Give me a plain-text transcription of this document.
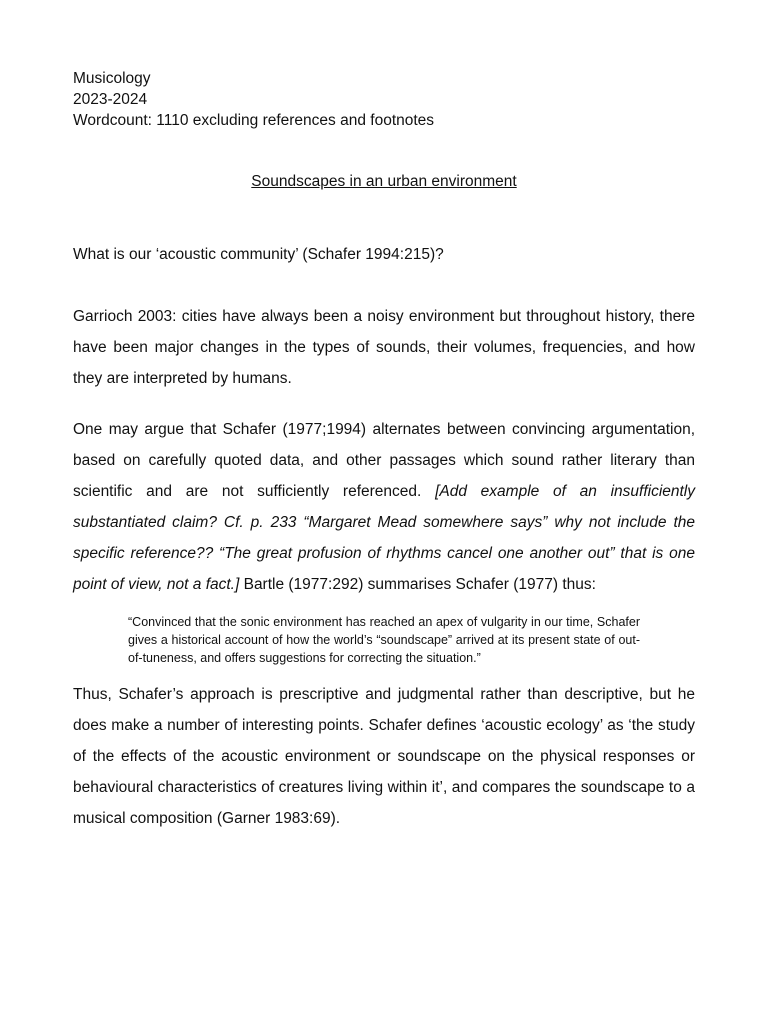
Musicology

2023-2024

Wordcount: 1110 excluding references and footnotes

Soundscapes in an urban environment

What is our ‘acoustic community’ (Schafer 1994:215)?

Garrioch 2003: cities have always been a noisy environment but throughout history, there have been major changes in the types of sounds, their volumes, frequencies, and how they are interpreted by humans.

One may argue that Schafer (1977;1994) alternates between convincing argumentation, based on carefully quoted data, and other passages which sound rather literary than scientific and are not sufficiently referenced. [Add example of an insufficiently substantiated claim? Cf. p. 233 “Margaret Mead somewhere says” why not include the specific reference?? “The great profusion of rhythms cancel one another out” that is one point of view, not a fact.] Bartle (1977:292) summarises Schafer (1977) thus:

“Convinced that the sonic environment has reached an apex of vulgarity in our time, Schafer gives a historical account of how the world’s “soundscape” arrived at its present state of out-of-tuneness, and offers suggestions for correcting the situation.”

Thus, Schafer’s approach is prescriptive and judgmental rather than descriptive, but he does make a number of interesting points. Schafer defines ‘acoustic ecology’ as ‘the study of the effects of the acoustic environment or soundscape on the physical responses or behavioural characteristics of creatures living within it’, and compares the soundscape to a musical composition (Garner 1983:69).
